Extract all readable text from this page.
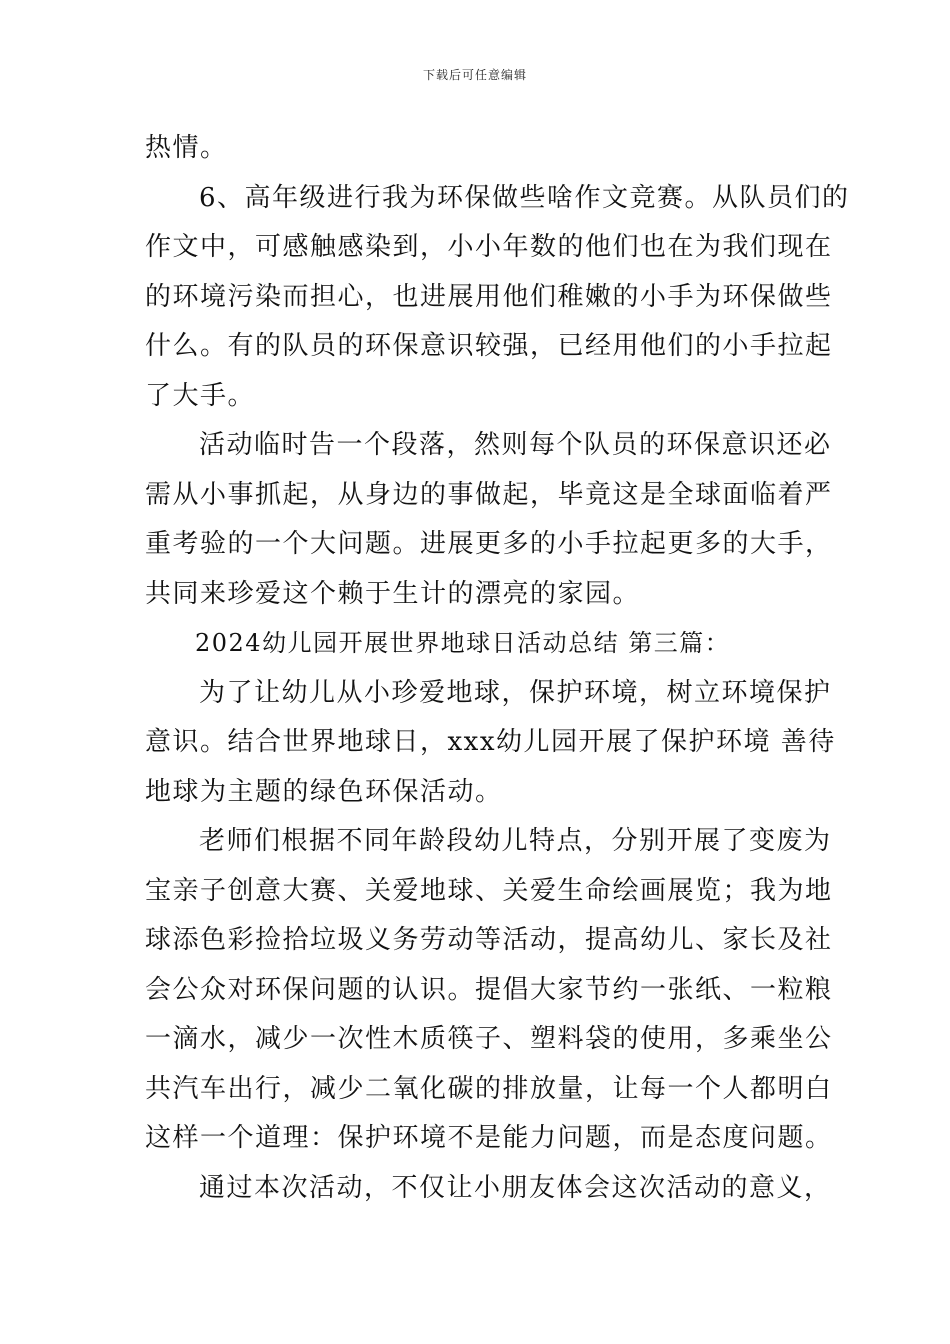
下载后可任意编辑
热情。
6、高年级进行我为环保做些啥作文竞赛。从队员们的
作文中，可感触感染到，小小年数的他们也在为我们现在
的环境污染而担心，也进展用他们稚嫩的小手为环保做些
什么。有的队员的环保意识较强，已经用他们的小手拉起
了大手。
活动临时告一个段落，然则每个队员的环保意识还必
需从小事抓起，从身边的事做起，毕竟这是全球面临着严
重考验的一个大问题。进展更多的小手拉起更多的大手，
共同来珍爱这个赖于生计的漂亮的家园。
2024幼儿园开展世界地球日活动总结 第三篇：
为了让幼儿从小珍爱地球，保护环境，树立环境保护
意识。结合世界地球日，xxx幼儿园开展了保护环境 善待
地球为主题的绿色环保活动。
老师们根据不同年龄段幼儿特点，分别开展了变废为
宝亲子创意大赛、关爱地球、关爱生命绘画展览；我为地
球添色彩捡拾垃圾义务劳动等活动，提高幼儿、家长及社
会公众对环保问题的认识。提倡大家节约一张纸、一粒粮
一滴水，减少一次性木质筷子、塑料袋的使用，多乘坐公
共汽车出行，减少二氧化碳的排放量，让每一个人都明白
这样一个道理：保护环境不是能力问题，而是态度问题。
通过本次活动，不仅让小朋友体会这次活动的意义，
